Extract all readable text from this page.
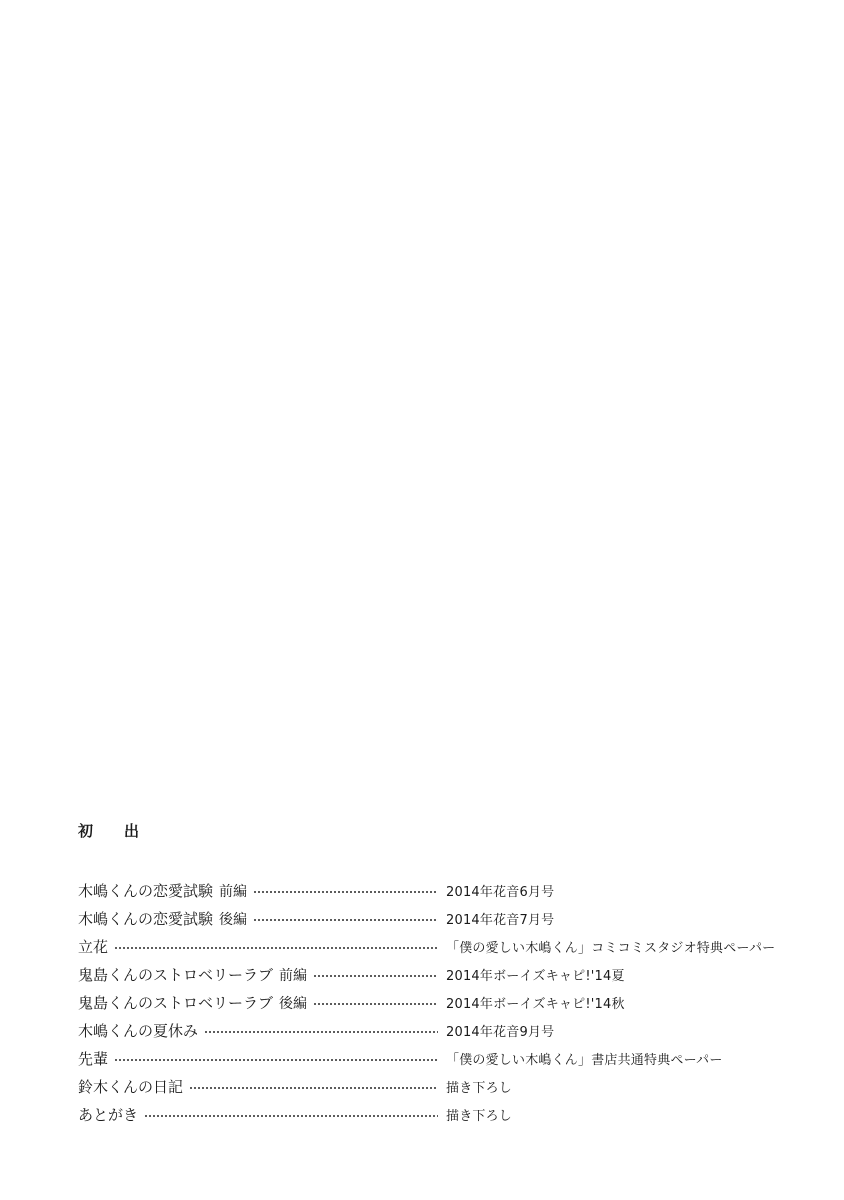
初　出
木嶋くんの恋愛試験 前編	2014年花音6月号
木嶋くんの恋愛試験 後編	2014年花音7月号
立花	「僕の愛しい木嶋くん」コミコミスタジオ特典ペーパー
鬼島くんのストロベリーラブ 前編	2014年ボーイズキャピ!'14夏
鬼島くんのストロベリーラブ 後編	2014年ボーイズキャピ!'14秋
木嶋くんの夏休み	2014年花音9月号
先輩	「僕の愛しい木嶋くん」書店共通特典ペーパー
鈴木くんの日記	描き下ろし
あとがき	描き下ろし
